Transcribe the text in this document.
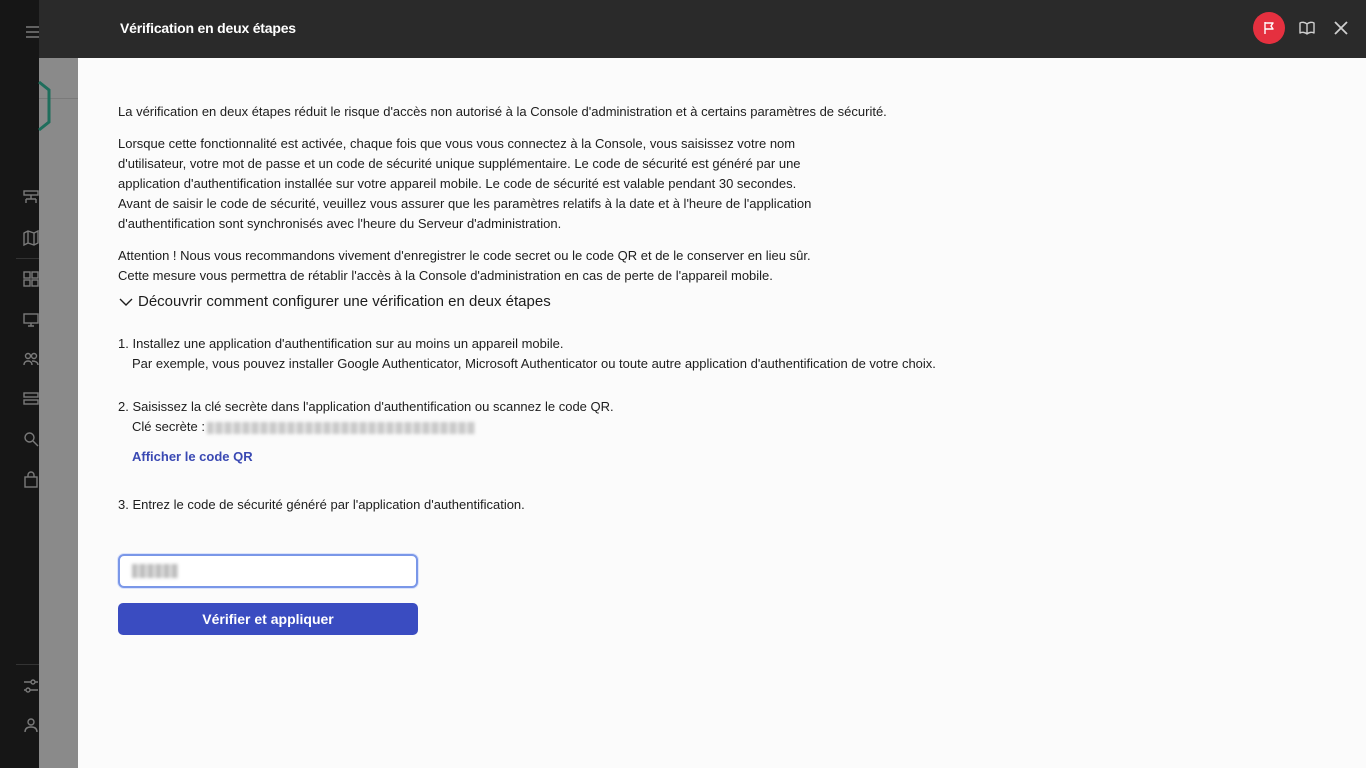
Vérification en deux étapes
La vérification en deux étapes réduit le risque d'accès non autorisé à la Console d'administration et à certains paramètres de sécurité.
Lorsque cette fonctionnalité est activée, chaque fois que vous vous connectez à la Console, vous saisissez votre nom
d'utilisateur, votre mot de passe et un code de sécurité unique supplémentaire. Le code de sécurité est généré par une
application d'authentification installée sur votre appareil mobile. Le code de sécurité est valable pendant 30 secondes.
Avant de saisir le code de sécurité, veuillez vous assurer que les paramètres relatifs à la date et à l'heure de l'application
d'authentification sont synchronisés avec l'heure du Serveur d'administration.
Attention ! Nous vous recommandons vivement d'enregistrer le code secret ou le code QR et de le conserver en lieu sûr.
Cette mesure vous permettra de rétablir l'accès à la Console d'administration en cas de perte de l'appareil mobile.
Découvrir comment configurer une vérification en deux étapes
1. Installez une application d'authentification sur au moins un appareil mobile.
Par exemple, vous pouvez installer Google Authenticator, Microsoft Authenticator ou toute autre application d'authentification de votre choix.
2. Saisissez la clé secrète dans l'application d'authentification ou scannez le code QR.
Clé secrète :
Afficher le code QR
3. Entrez le code de sécurité généré par l'application d'authentification.
Vérifier et appliquer
